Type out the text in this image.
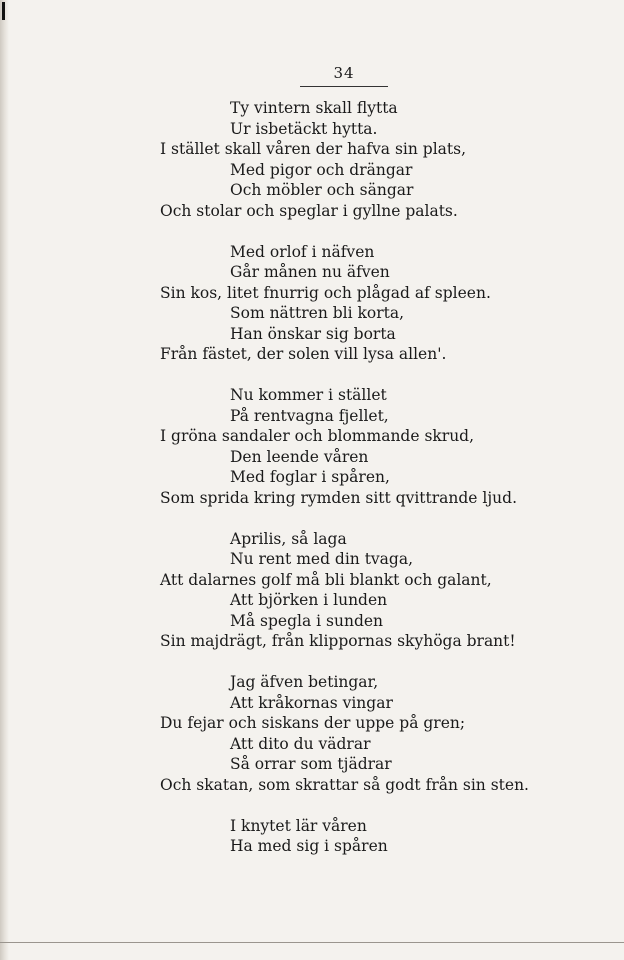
34
Ty vintern skall flytta
Ur isbetäckt hytta.
I stället skall våren der hafva sin plats,
Med pigor och drängar
Och möbler och sängar
Och stolar och speglar i gyllne palats.
Med orlof i näfven
Går månen nu äfven
Sin kos, litet fnurrig och plågad af spleen.
Som nättren bli korta,
Han önskar sig borta
Från fästet, der solen vill lysa allen'.
Nu kommer i stället
På rentvagna fjellet,
I gröna sandaler och blommande skrud,
Den leende våren
Med foglar i spåren,
Som sprida kring rymden sitt qvittrande ljud.
Aprilis, så laga
Nu rent med din tvaga,
Att dalarnes golf må bli blankt och galant,
Att björken i lunden
Må spegla i sunden
Sin majdrägt, från klippornas skyhöga brant!
Jag äfven betingar,
Att kråkornas vingar
Du fejar och siskans der uppe på gren;
Att dito du vädrar
Så orrar som tjädrar
Och skatan, som skrattar så godt från sin sten.
I knytet lär våren
Ha med sig i spåren
